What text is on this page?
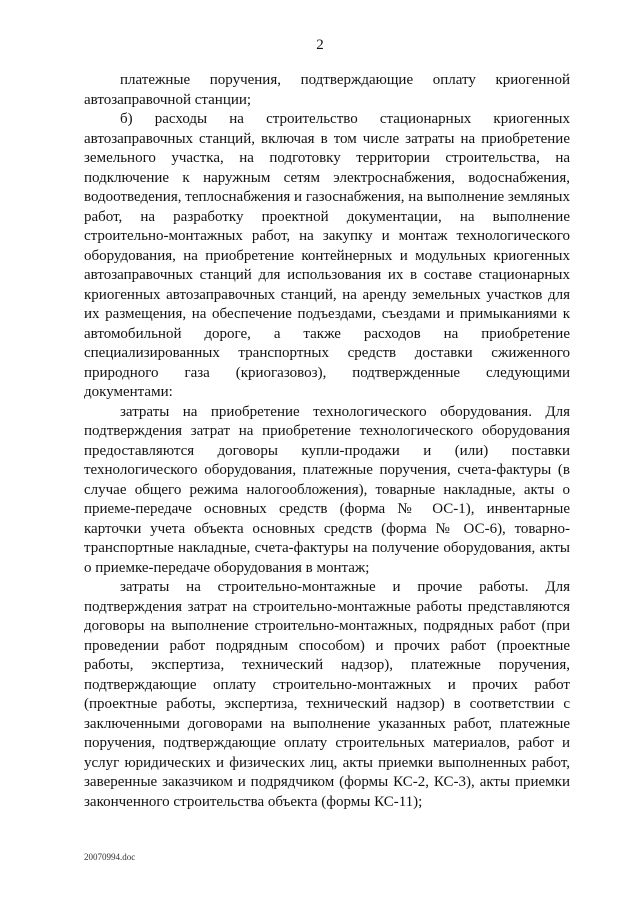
2

платежные поручения, подтверждающие оплату криогенной автозаправочной станции;

б) расходы на строительство стационарных криогенных автозаправочных станций, включая в том числе затраты на приобретение земельного участка, на подготовку территории строительства, на подключение к наружным сетям электроснабжения, водоснабжения, водоотведения, теплоснабжения и газоснабжения, на выполнение земляных работ, на разработку проектной документации, на выполнение строительно-монтажных работ, на закупку и монтаж технологического оборудования, на приобретение контейнерных и модульных криогенных автозаправочных станций для использования их в составе стационарных криогенных автозаправочных станций, на аренду земельных участков для их размещения, на обеспечение подъездами, съездами и примыканиями к автомобильной дороге, а также расходов на приобретение специализированных транспортных средств доставки сжиженного природного газа (криогазовоз), подтвержденные следующими документами:

затраты на приобретение технологического оборудования. Для подтверждения затрат на приобретение технологического оборудования предоставляются договоры купли-продажи и (или) поставки технологического оборудования, платежные поручения, счета-фактуры (в случае общего режима налогообложения), товарные накладные, акты о приеме-передаче основных средств (форма № ОС-1), инвентарные карточки учета объекта основных средств (форма № ОС-6), товарно-транспортные накладные, счета-фактуры на получение оборудования, акты о приемке-передаче оборудования в монтаж;

затраты на строительно-монтажные и прочие работы. Для подтверждения затрат на строительно-монтажные работы представляются договоры на выполнение строительно-монтажных, подрядных работ (при проведении работ подрядным способом) и прочих работ (проектные работы, экспертиза, технический надзор), платежные поручения, подтверждающие оплату строительно-монтажных и прочих работ (проектные работы, экспертиза, технический надзор) в соответствии с заключенными договорами на выполнение указанных работ, платежные поручения, подтверждающие оплату строительных материалов, работ и услуг юридических и физических лиц, акты приемки выполненных работ, заверенные заказчиком и подрядчиком (формы КС-2, КС-3), акты приемки законченного строительства объекта (формы КС-11);

20070994.doc
